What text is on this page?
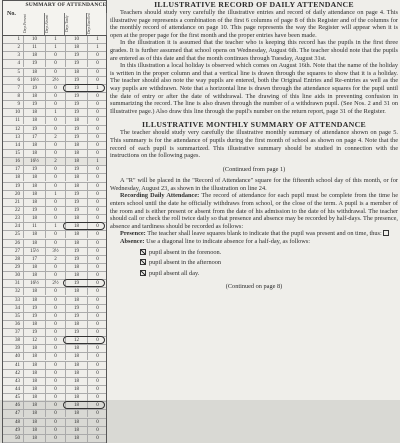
No.
SUMMARY OF ATTENDANCE
Days Present	Days Absent	Days Tardy	Days Enrolled
1	10	1	10	1
2	11	1	18	1
3	18	0	19	0
4	19	0	19	0
5	18	0	18	0
6	16½	2½	19	0
7	19	0	19	1
8	18	0	19	0
9	19	0	19	0
10	18	1	19	0
11	18	0	18	0
12	19	0	19	0
13	17	2	19	0
14	18	0	18	0
15	18	0	18	0
16	16½	2	18	1
17	19	0	19	0
18	18	0	18	0
19	18	0	18	0
20	18	1	19	0
21	18	0	19	0
22	19	0	19	0
23	18	0	18	0
24	11	1	18	0
25	18	0	18	0
26	18	0	18	0
27	15½	3½	19	0
28	17	2	19	0
29	18	0	18	0
30	18	0	18	0
31	16½	2½	19	0
32	18	0	18	0
33	18	0	18	0
34	19	0	19	0
35	19	0	19	0
36	18	0	18	0
37	19	0	19	0
38	12	0	12	0
39	18	0	18	0
40	18	0	18	0
41	18	0	18	0
42	18	0	18	0
43	18	0	18	0
44	18	0	18	0
45	18	0	18	0
46	18	0	18	0
47	18	0	18	0
48	18	0	18	0
49	18	0	18	0
50	18	0	18	0
ILLUSTRATIVE RECORD OF DAILY ATTENDANCE

Teachers should study very carefully the illustrative entries and record of daily attendance on page 4. This illustrative page represents a combination of the first 6 columns of page 8 of this Register and of the columns for the monthly record of attendance on page 10. This page represents the way the Register will appear when it is open at the proper page for the first month and the proper entries have been made.

In the illustration it is assumed that the teacher who is keeping this record has the pupils in the first three grades. It is further assumed that school opens on Wednesday, August 6th. The teacher should note that the pupils are entered as of this date and that the month continues through Tuesday, August 31st.

In this illustration a local holiday is observed which comes on August 16th. Note that the name of the holiday is written in the proper column and that a vertical line is drawn through the squares to show that it is a holiday. The teacher should also note the way pupils are entered, both the Original Entries and Re-entries as well as the way pupils are withdrawn. Note that a horizontal line is drawn through the attendance squares for the pupil until the date of entry or after the date of withdrawal. The drawing of this line aids in preventing confusion in summarizing the record. The line is also drawn through the number of a withdrawn pupil. (See Nos. 2 and 31 on Illustrative page.) Also draw this line through the pupil's number on the return report, page 31 of the Register.

ILLUSTRATIVE MONTHLY SUMMARY OF ATTENDANCE

The teacher should study very carefully the illustrative monthly summary of attendance shown on page 5. This summary is for the attendance of pupils during the first month of school as shown on page 4. Note that the record of each pupil is summarized. This illustrative summary should be studied in connection with the instructions on the following pages.

(Continued from page 1)

A "R" will be placed in the "Record of Attendance" square for the fifteenth school day of this month, or for Wednesday, August 23, as shown in the illustration on line 24.

Recording Daily Attendance: The record of attendance for each pupil must be complete from the time he enters school until the date he officially withdraws from school, or the close of the term. A pupil is a member of the room and is either present or absent from the date of his admission to the date of his withdrawal. The teacher should call or check the roll twice daily so that presence and absence may be recorded by half-days. The presence, absence and tardiness should be recorded as follows:

Presence: The teacher shall leave squares blank to indicate that the pupil was present and on time, thus:

Absence: Use a diagonal line to indicate absence for a half-day, as follows:

pupil absent in the forenoon.
pupil absent in the afternoon
pupil absent all day.
(Continued on page 8)
